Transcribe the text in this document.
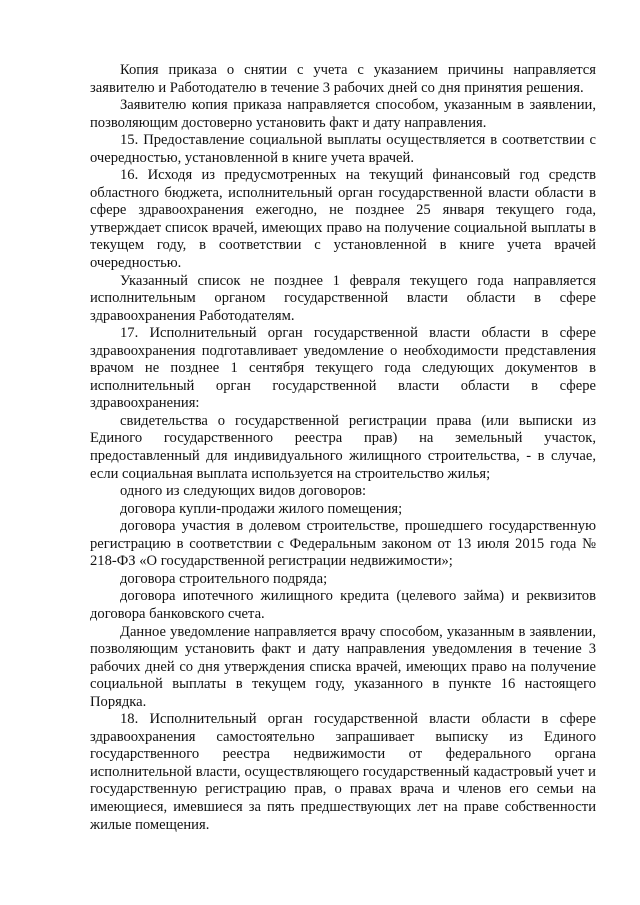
Копия приказа о снятии с учета с указанием причины направляется заявителю и Работодателю в течение 3 рабочих дней со дня принятия решения.

Заявителю копия приказа направляется способом, указанным в заявлении, позволяющим достоверно установить факт и дату направления.

15. Предоставление социальной выплаты осуществляется в соответствии с очередностью, установленной в книге учета врачей.

16. Исходя из предусмотренных на текущий финансовый год средств областного бюджета, исполнительный орган государственной власти области в сфере здравоохранения ежегодно, не позднее 25 января текущего года, утверждает список врачей, имеющих право на получение социальной выплаты в текущем году, в соответствии с установленной в книге учета врачей очередностью.

Указанный список не позднее 1 февраля текущего года направляется исполнительным органом государственной власти области в сфере здравоохранения Работодателям.

17. Исполнительный орган государственной власти области в сфере здравоохранения подготавливает уведомление о необходимости представления врачом не позднее 1 сентября текущего года следующих документов в исполнительный орган государственной власти области в сфере здравоохранения:

свидетельства о государственной регистрации права (или выписки из Единого государственного реестра прав) на земельный участок, предоставленный для индивидуального жилищного строительства, - в случае, если социальная выплата используется на строительство жилья;

одного из следующих видов договоров:

договора купли-продажи жилого помещения;

договора участия в долевом строительстве, прошедшего государственную регистрацию в соответствии с Федеральным законом от 13 июля 2015 года № 218-ФЗ «О государственной регистрации недвижимости»;

договора строительного подряда;

договора ипотечного жилищного кредита (целевого займа) и реквизитов договора банковского счета.

Данное уведомление направляется врачу способом, указанным в заявлении, позволяющим установить факт и дату направления уведомления в течение 3 рабочих дней со дня утверждения списка врачей, имеющих право на получение социальной выплаты в текущем году, указанного в пункте 16 настоящего Порядка.

18. Исполнительный орган государственной власти области в сфере здравоохранения самостоятельно запрашивает выписку из Единого государственного реестра недвижимости от федерального органа исполнительной власти, осуществляющего государственный кадастровый учет и государственную регистрацию прав, о правах врача и членов его семьи на имеющиеся, имевшиеся за пять предшествующих лет на праве собственности жилые помещения.
